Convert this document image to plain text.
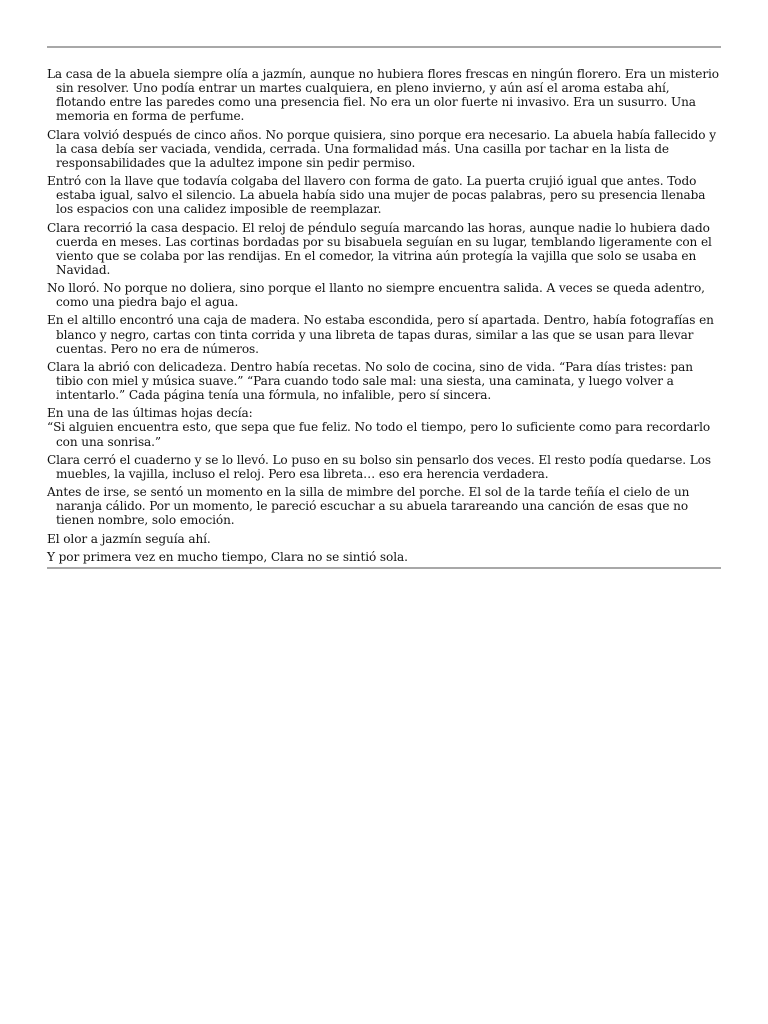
La casa de la abuela siempre olía a jazmín, aunque no hubiera flores frescas en ningún florero. Era un misterio sin resolver. Uno podía entrar un martes cualquiera, en pleno invierno, y aún así el aroma estaba ahí, flotando entre las paredes como una presencia fiel. No era un olor fuerte ni invasivo. Era un susurro. Una memoria en forma de perfume.

Clara volvió después de cinco años. No porque quisiera, sino porque era necesario. La abuela había fallecido y la casa debía ser vaciada, vendida, cerrada. Una formalidad más. Una casilla por tachar en la lista de responsabilidades que la adultez impone sin pedir permiso.

Entró con la llave que todavía colgaba del llavero con forma de gato. La puerta crujió igual que antes. Todo estaba igual, salvo el silencio. La abuela había sido una mujer de pocas palabras, pero su presencia llenaba los espacios con una calidez imposible de reemplazar.

Clara recorrió la casa despacio. El reloj de péndulo seguía marcando las horas, aunque nadie lo hubiera dado cuerda en meses. Las cortinas bordadas por su bisabuela seguían en su lugar, temblando ligeramente con el viento que se colaba por las rendijas. En el comedor, la vitrina aún protegía la vajilla que solo se usaba en Navidad.

No lloró. No porque no doliera, sino porque el llanto no siempre encuentra salida. A veces se queda adentro, como una piedra bajo el agua.

En el altillo encontró una caja de madera. No estaba escondida, pero sí apartada. Dentro, había fotografías en blanco y negro, cartas con tinta corrida y una libreta de tapas duras, similar a las que se usan para llevar cuentas. Pero no era de números.

Clara la abrió con delicadeza. Dentro había recetas. No solo de cocina, sino de vida. “Para días tristes: pan tibio con miel y música suave.” “Para cuando todo sale mal: una siesta, una caminata, y luego volver a intentarlo.” Cada página tenía una fórmula, no infalible, pero sí sincera.

En una de las últimas hojas decía:
“Si alguien encuentra esto, que sepa que fue feliz. No todo el tiempo, pero lo suficiente como para recordarlo con una sonrisa.”

Clara cerró el cuaderno y se lo llevó. Lo puso en su bolso sin pensarlo dos veces. El resto podía quedarse. Los muebles, la vajilla, incluso el reloj. Pero esa libreta… eso era herencia verdadera.

Antes de irse, se sentó un momento en la silla de mimbre del porche. El sol de la tarde teñía el cielo de un naranja cálido. Por un momento, le pareció escuchar a su abuela tarareando una canción de esas que no tienen nombre, solo emoción.

El olor a jazmín seguía ahí.

Y por primera vez en mucho tiempo, Clara no se sintió sola.
